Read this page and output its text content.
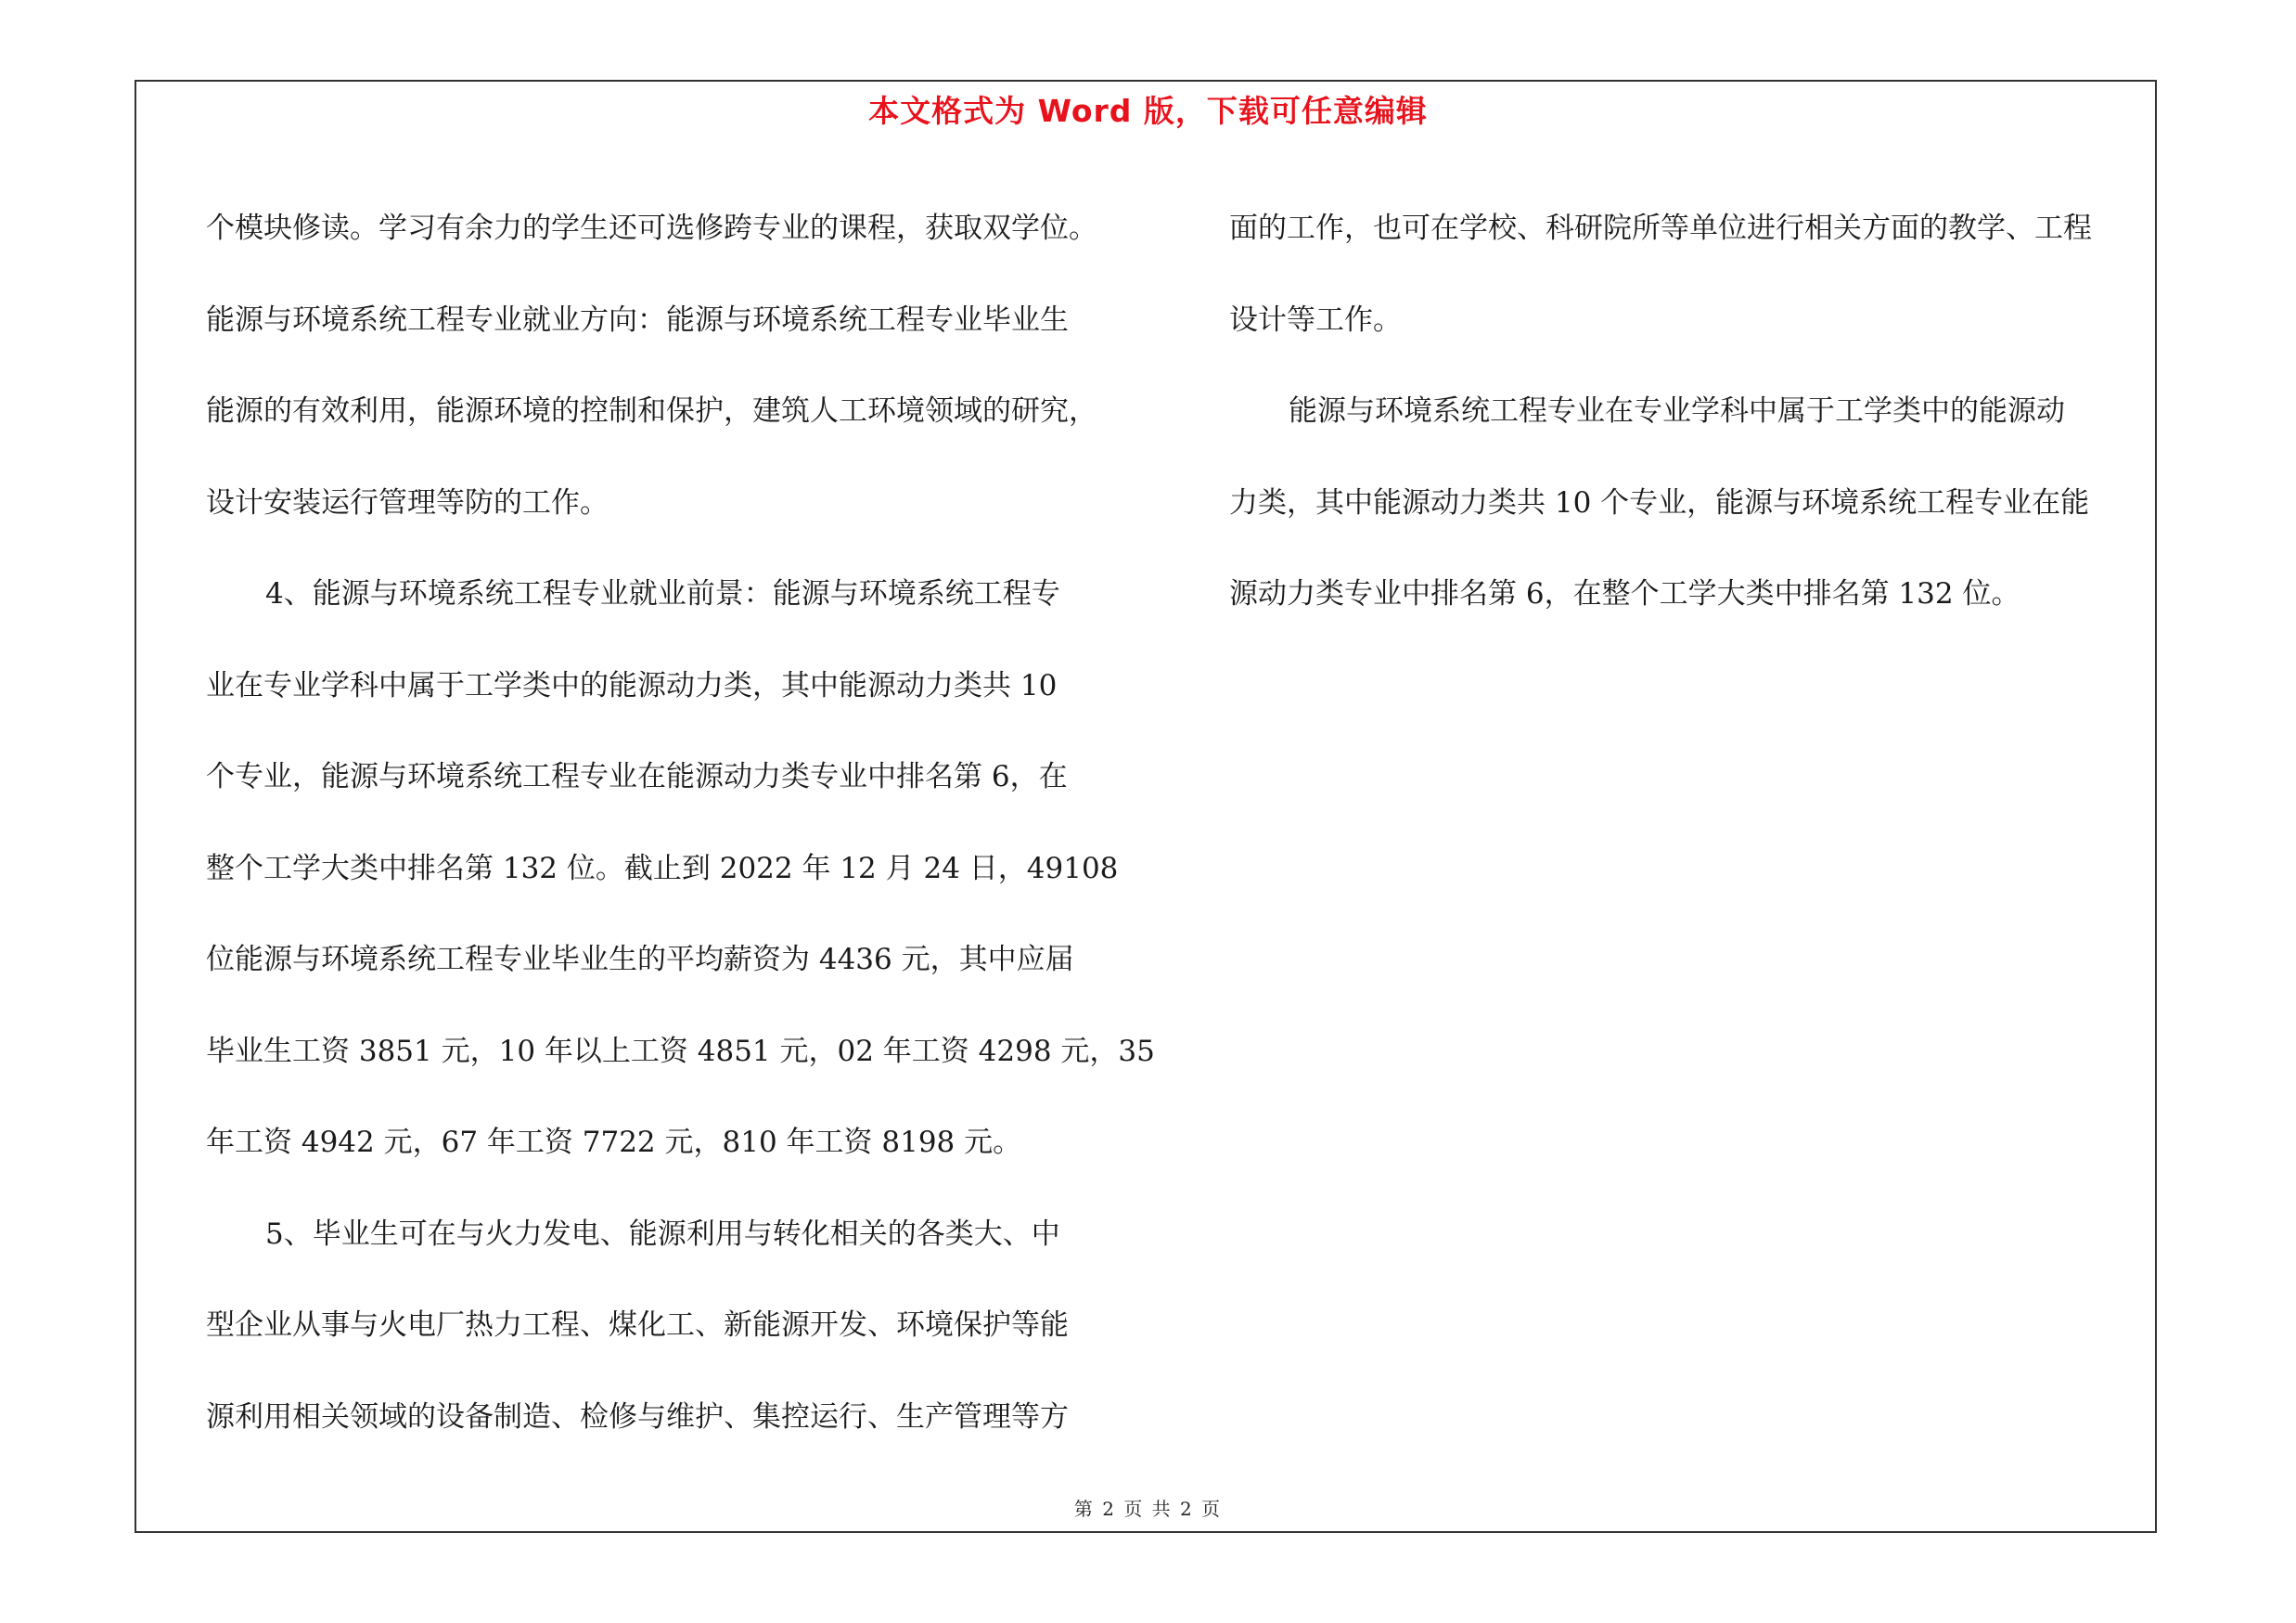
本文格式为 Word 版，下载可任意编辑
个模块修读。学习有余力的学生还可选修跨专业的课程，获取双学位。
能源与环境系统工程专业就业方向：能源与环境系统工程专业毕业生
能源的有效利用，能源环境的控制和保护，建筑人工环境领域的研究，
设计安装运行管理等防的工作。
4、能源与环境系统工程专业就业前景：能源与环境系统工程专
业在专业学科中属于工学类中的能源动力类，其中能源动力类共 10
个专业，能源与环境系统工程专业在能源动力类专业中排名第 6，在
整个工学大类中排名第 132 位。截止到 2022 年 12 月 24 日，49108
位能源与环境系统工程专业毕业生的平均薪资为 4436 元，其中应届
毕业生工资 3851 元，10 年以上工资 4851 元，02 年工资 4298 元，35
年工资 4942 元，67 年工资 7722 元，810 年工资 8198 元。
5、毕业生可在与火力发电、能源利用与转化相关的各类大、中
型企业从事与火电厂热力工程、煤化工、新能源开发、环境保护等能
源利用相关领域的设备制造、检修与维护、集控运行、生产管理等方
面的工作，也可在学校、科研院所等单位进行相关方面的教学、工程
设计等工作。
能源与环境系统工程专业在专业学科中属于工学类中的能源动
力类，其中能源动力类共 10 个专业，能源与环境系统工程专业在能
源动力类专业中排名第 6，在整个工学大类中排名第 132 位。
第 2 页 共 2 页
